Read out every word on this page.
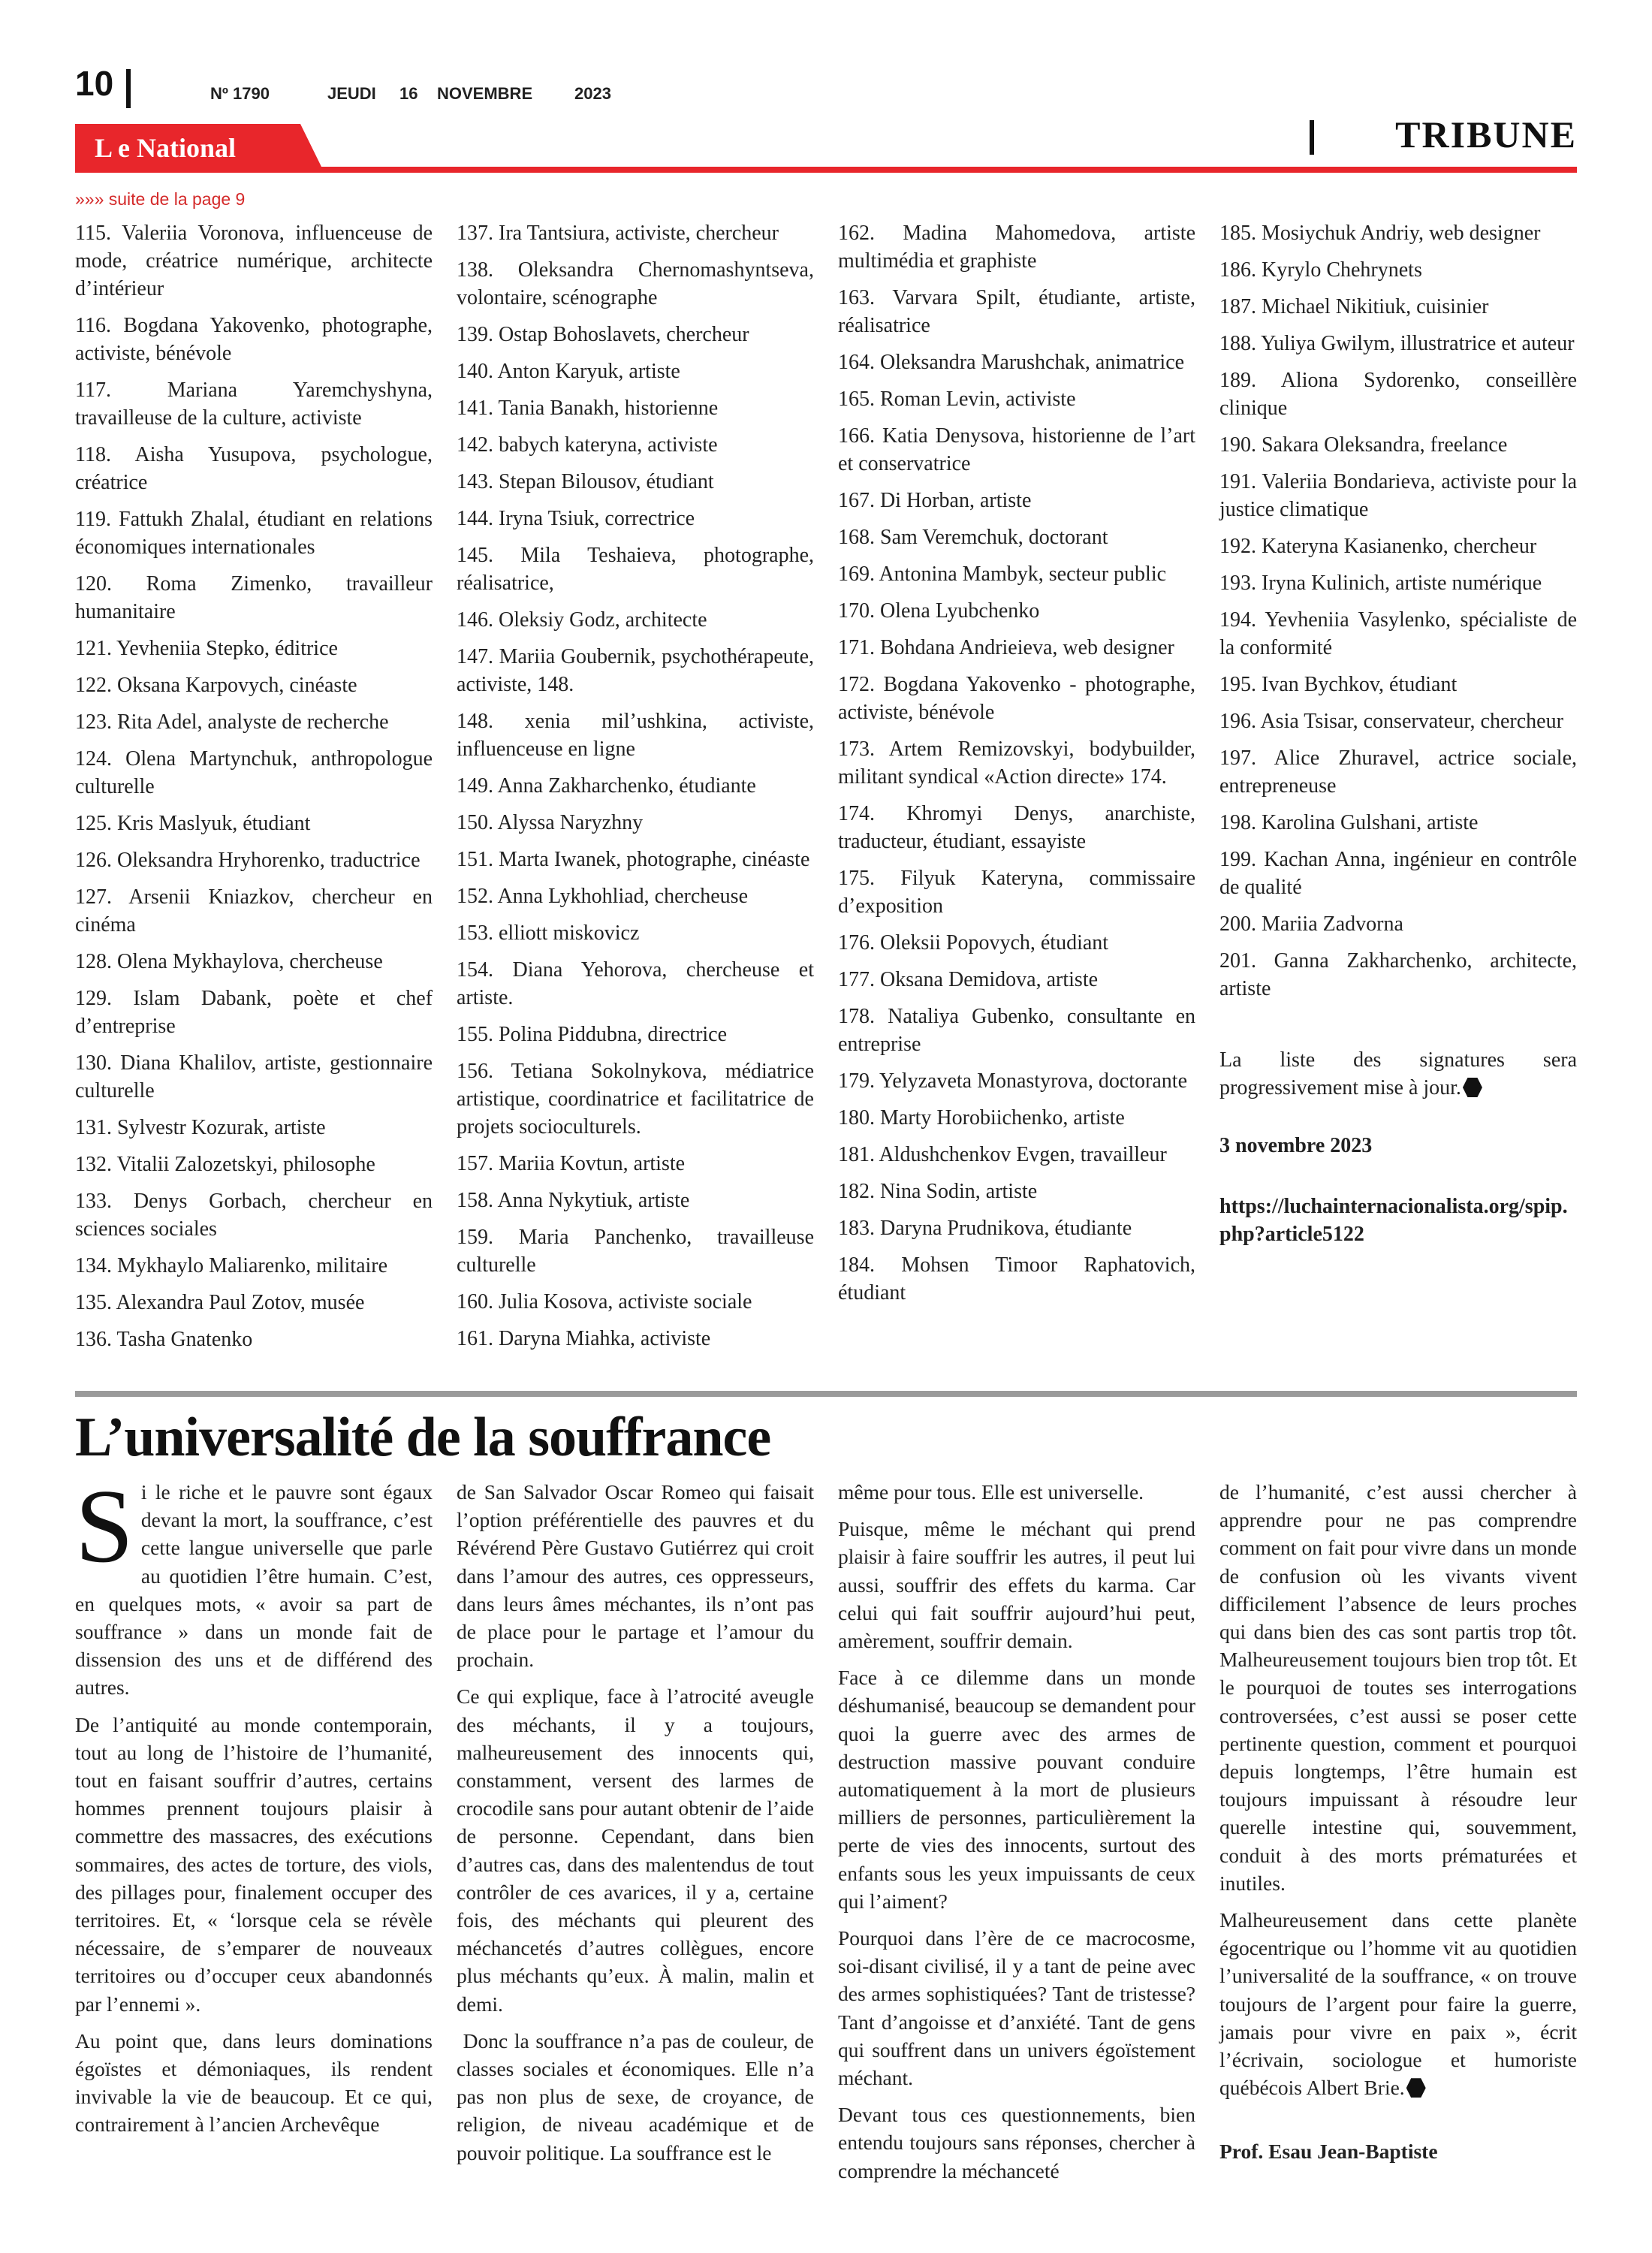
10	Nº 1790	JEUDI 16 NOVEMBRE	2023
L e National	TRIBUNE
»»» suite de la page 9
115. Valeriia Voronova, influenceuse de mode, créatrice numérique, architecte d’intérieur
116. Bogdana Yakovenko, photographe, activiste, bénévole
117. Mariana Yaremchyshyna, travailleuse de la culture, activiste
118. Aisha Yusupova, psychologue, créatrice
119. Fattukh Zhalal, étudiant en relations économiques internationales
120. Roma Zimenko, travailleur humanitaire
121. Yevheniia Stepko, éditrice
122. Oksana Karpovych, cinéaste
123. Rita Adel, analyste de recherche
124. Olena Martynchuk, anthropologue culturelle
125. Kris Maslyuk, étudiant
126. Oleksandra Hryhorenko, traductrice
127. Arsenii Kniazkov, chercheur en cinéma
128. Olena Mykhaylova, chercheuse
129. Islam Dabank, poète et chef d’entreprise
130. Diana Khalilov, artiste, gestionnaire culturelle
131. Sylvestr Kozurak, artiste
132. Vitalii Zalozetskyi, philosophe
133. Denys Gorbach, chercheur en sciences sociales
134. Mykhaylo Maliarenko, militaire
135. Alexandra Paul Zotov, musée
136. Tasha Gnatenko
137. Ira Tantsiura, activiste, chercheur
138. Oleksandra Chernomashyntseva, volontaire, scénographe
139. Ostap Bohoslavets, chercheur
140. Anton Karyuk, artiste
141. Tania Banakh, historienne
142. babych kateryna, activiste
143. Stepan Bilousov, étudiant
144. Iryna Tsiuk, correctrice
145. Mila Teshaieva, photographe, réalisatrice,
146. Oleksiy Godz, architecte
147. Mariia Goubernik, psychothérapeute, activiste, 148.
148. xenia mil’ushkina, activiste, influenceuse en ligne
149. Anna Zakharchenko, étudiante
150. Alyssa Naryzhny
151. Marta Iwanek, photographe, cinéaste
152. Anna Lykhohliad, chercheuse
153. elliott miskovicz
154. Diana Yehorova, chercheuse et artiste.
155. Polina Piddubna, directrice
156. Tetiana Sokolnykova, médiatrice artistique, coordinatrice et facilitatrice de projets socioculturels.
157. Mariia Kovtun, artiste
158. Anna Nykytiuk, artiste
159. Maria Panchenko, travailleuse culturelle
160. Julia Kosova, activiste sociale
161. Daryna Miahka, activiste
162. Madina Mahomedova, artiste multimédia et graphiste
163. Varvara Spilt, étudiante, artiste, réalisatrice
164. Oleksandra Marushchak, animatrice
165. Roman Levin, activiste
166. Katia Denysova, historienne de l’art et conservatrice
167. Di Horban, artiste
168. Sam Veremchuk, doctorant
169. Antonina Mambyk, secteur public
170. Olena Lyubchenko
171. Bohdana Andrieieva, web designer
172. Bogdana Yakovenko - photographe, activiste, bénévole
173. Artem Remizovskyi, bodybuilder, militant syndical «Action directe» 174.
174. Khromyi Denys, anarchiste, traducteur, étudiant, essayiste
175. Filyuk Kateryna, commissaire d’exposition
176. Oleksii Popovych, étudiant
177. Oksana Demidova, artiste
178. Nataliya Gubenko, consultante en entreprise
179. Yelyzaveta Monastyrova, doctorante
180. Marty Horobiichenko, artiste
181. Aldushchenkov Evgen, travailleur
182. Nina Sodin, artiste
183. Daryna Prudnikova, étudiante
184. Mohsen Timoor Raphatovich, étudiant
185. Mosiychuk Andriy, web designer
186. Kyrylo Chehrynets
187. Michael Nikitiuk, cuisinier
188. Yuliya Gwilym, illustratrice et auteur
189. Aliona Sydorenko, conseillère clinique
190. Sakara Oleksandra, freelance
191. Valeriia Bondarieva, activiste pour la justice climatique
192. Kateryna Kasianenko, chercheur
193. Iryna Kulinich, artiste numérique
194. Yevheniia Vasylenko, spécialiste de la conformité
195. Ivan Bychkov, étudiant
196. Asia Tsisar, conservateur, chercheur
197. Alice Zhuravel, actrice sociale, entrepreneuse
198. Karolina Gulshani, artiste
199. Kachan Anna, ingénieur en contrôle de qualité
200. Mariia Zadvorna
201. Ganna Zakharchenko, architecte, artiste
La liste des signatures sera progressivement mise à jour.
3 novembre 2023
https://luchainternacionalista.org/spip.php?article5122
L’universalité de la souffrance

Si le riche et le pauvre sont égaux devant la mort, la souffrance, c’est cette langue universelle que parle au quotidien l’être humain. C’est, en quelques mots, « avoir sa part de souffrance » dans un monde fait de dissension des uns et de différend des autres.

De l’antiquité au monde contemporain, tout au long de l’histoire de l’humanité, tout en faisant souffrir d’autres, certains hommes prennent toujours plaisir à commettre des massacres, des exécutions sommaires, des actes de torture, des viols, des pillages pour, finalement occuper des territoires. Et, « ‘lorsque cela se révèle nécessaire, de s’emparer de nouveaux territoires ou d’occuper ceux abandonnés par l’ennemi ».

Au point que, dans leurs dominations égoïstes et démoniaques, ils rendent invivable la vie de beaucoup. Et ce qui, contrairement à l’ancien Archevêque

de San Salvador Oscar Romeo qui faisait l’option préférentielle des pauvres et du Révérend Père Gustavo Gutiérrez qui croit dans l’amour des autres, ces oppresseurs, dans leurs âmes méchantes, ils n’ont pas de place pour le partage et l’amour du prochain.

Ce qui explique, face à l’atrocité aveugle des méchants, il y a toujours, malheureusement des innocents qui, constamment, versent des larmes de crocodile sans pour autant obtenir de l’aide de personne. Cependant, dans bien d’autres cas, dans des malentendus de tout contrôler de ces avarices, il y a, certaine fois, des méchants qui pleurent des méchancetés d’autres collègues, encore plus méchants qu’eux. À malin, malin et demi.

Donc la souffrance n’a pas de couleur, de classes sociales et économiques. Elle n’a pas non plus de sexe, de croyance, de religion, de niveau académique et de pouvoir politique. La souffrance est le

même pour tous. Elle est universelle.

Puisque, même le méchant qui prend plaisir à faire souffrir les autres, il peut lui aussi, souffrir des effets du karma. Car celui qui fait souffrir aujourd’hui peut, amèrement, souffrir demain.

Face à ce dilemme dans un monde déshumanisé, beaucoup se demandent pour quoi la guerre avec des armes de destruction massive pouvant conduire automatiquement à la mort de plusieurs milliers de personnes, particulièrement la perte de vies des innocents, surtout des enfants sous les yeux impuissants de ceux qui l’aiment?

Pourquoi dans l’ère de ce macrocosme, soi-disant civilisé, il y a tant de peine avec des armes sophistiquées? Tant de tristesse? Tant d’angoisse et d’anxiété. Tant de gens qui souffrent dans un univers égoïstement méchant.

Devant tous ces questionnements, bien entendu toujours sans réponses, chercher à comprendre la méchanceté

de l’humanité, c’est aussi chercher à apprendre pour ne pas comprendre comment on fait pour vivre dans un monde de confusion où les vivants vivent difficilement l’absence de leurs proches qui dans bien des cas sont partis trop tôt. Malheureusement toujours bien trop tôt. Et le pourquoi de toutes ses interrogations controversées, c’est aussi se poser cette pertinente question, comment et pourquoi depuis longtemps, l’être humain est toujours impuissant à résoudre leur querelle intestine qui, souvemment, conduit à des morts prématurées et inutiles.

Malheureusement dans cette planète égocentrique ou l’homme vit au quotidien l’universalité de la souffrance, « on trouve toujours de l’argent pour faire la guerre, jamais pour vivre en paix », écrit l’écrivain, sociologue et humoriste québécois Albert Brie.

Prof. Esau Jean-Baptiste
